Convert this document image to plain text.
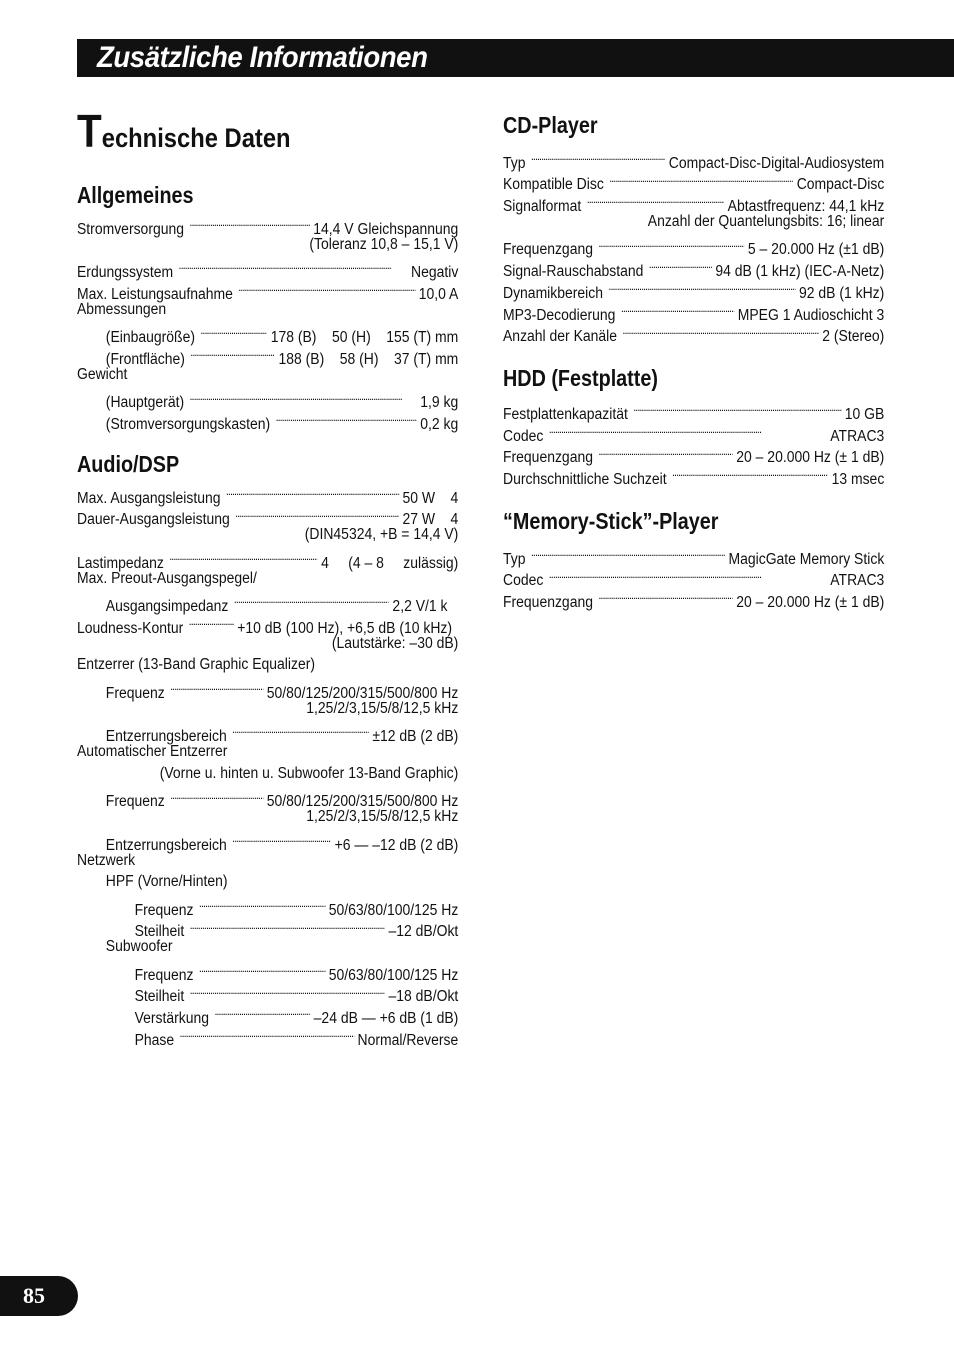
Zusätzliche Informationen
Technische Daten
Allgemeines
Stromversorgung . . .	14,4 V Gleichspannung
(Toleranz 10,8 – 15,1 V)
Erdungssystem . . .	Negativ
Max. Leistungsaufnahme . . .	10,0 A
Abmessungen
(Einbaugröße) . . .	178 (B)    50 (H)    155 (T) mm
(Frontfläche) . . .	188 (B)    58 (H)    37 (T) mm
Gewicht
(Hauptgerät) . . .	1,9 kg
(Stromversorgungskasten) . . .	0,2 kg
Audio/DSP
Max. Ausgangsleistung . . .	50 W    4
Dauer-Ausgangsleistung . . .	27 W    4
(DIN45324, +B = 14,4 V)
Lastimpedanz . . .	4     (4 – 8     zulässig)
Max. Preout-Ausgangspegel/
Ausgangsimpedanz . . .	2,2 V/1 k
Loudness-Kontur . . .	+10 dB (100 Hz), +6,5 dB (10 kHz)
(Lautstärke: –30 dB)
Entzerrer (13-Band Graphic Equalizer)
Frequenz . . .	50/80/125/200/315/500/800 Hz
1,25/2/3,15/5/8/12,5 kHz
Entzerrungsbereich . . .	±12 dB (2 dB)
Automatischer Entzerrer
(Vorne u. hinten u. Subwoofer 13-Band Graphic)
Frequenz . . .	50/80/125/200/315/500/800 Hz
1,25/2/3,15/5/8/12,5 kHz
Entzerrungsbereich . . .	+6 — –12 dB (2 dB)
Netzwerk
HPF (Vorne/Hinten)
Frequenz . . .	50/63/80/100/125 Hz
Steilheit . . .	–12 dB/Okt
Subwoofer
Frequenz . . .	50/63/80/100/125 Hz
Steilheit . . .	–18 dB/Okt
Verstärkung . . .	–24 dB — +6 dB (1 dB)
Phase . . .	Normal/Reverse
CD-Player
Typ . . .	Compact-Disc-Digital-Audiosystem
Kompatible Disc . . .	Compact-Disc
Signalformat . . .	Abtastfrequenz: 44,1 kHz
Anzahl der Quantelungsbits: 16; linear
Frequenzgang . . .	5 – 20.000 Hz (±1 dB)
Signal-Rauschabstand . . .	94 dB (1 kHz) (IEC-A-Netz)
Dynamikbereich . . .	92 dB (1 kHz)
MP3-Decodierung . . .	MPEG 1 Audioschicht 3
Anzahl der Kanäle . . .	2 (Stereo)
HDD (Festplatte)
Festplattenkapazität . . .	10 GB
Codec . . .	ATRAC3
Frequenzgang . . .	20 – 20.000 Hz (± 1 dB)
Durchschnittliche Suchzeit . . .	13 msec
“Memory-Stick”-Player
Typ . . .	MagicGate Memory Stick
Codec . . .	ATRAC3
Frequenzgang . . .	20 – 20.000 Hz (± 1 dB)
85
